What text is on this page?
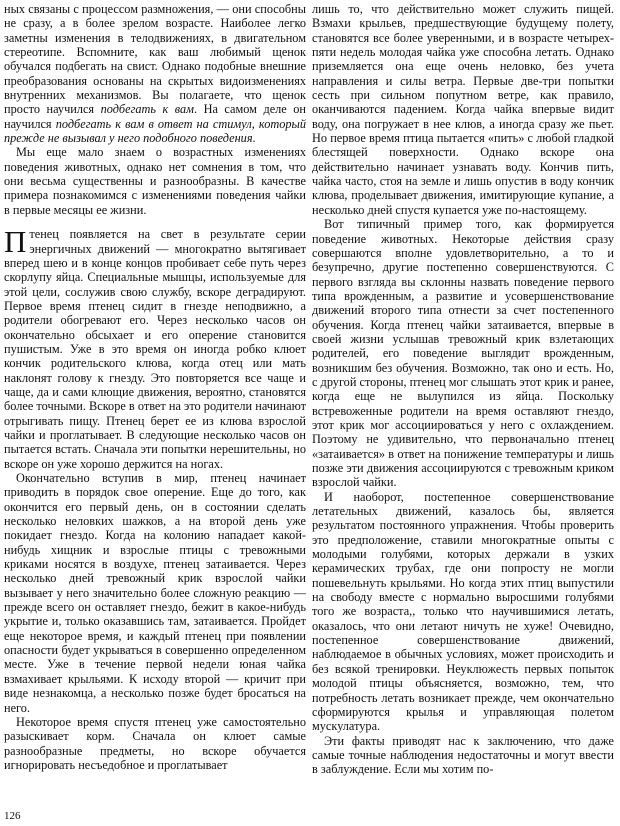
ных связаны с процессом размножения, — они способны не сразу, а в более зрелом возрасте. Наиболее легко заметны изменения в телодвижениях, в двигательном стереотипе. Вспомните, как ваш любимый щенок обучался подбегать на свист. Однако подобные внешние преобразования основаны на скрытых видоизменениях внутренних механизмов. Вы полагаете, что щенок просто научился подбегать к вам. На самом деле он научился подбегать к вам в ответ на стимул, который прежде не вызывал у него подобного поведения.

Мы еще мало знаем о возрастных изменениях поведения животных, однако нет сомнения в том, что они весьма существенны и разнообразны. В качестве примера познакомимся с изменениями поведения чайки в первые месяцы ее жизни.

Птенец появляется на свет в результате серии энергичных движений — многократно вытягивает вперед шею и в конце концов пробивает себе путь через скорлупу яйца. Специальные мышцы, используемые для этой цели, сослужив свою службу, вскоре деградируют. Первое время птенец сидит в гнезде неподвижно, а родители обогревают его. Через несколько часов он окончательно обсыхает и его оперение становится пушистым. Уже в это время он иногда робко клюет кончик родительского клюва, когда отец или мать наклонят голову к гнезду. Это повторяется все чаще и чаще, да и сами клющие движения, вероятно, становятся более точными. Вскоре в ответ на это родители начинают отрыгивать пищу. Птенец берет ее из клюва взрослой чайки и проглатывает. В следующие несколько часов он пытается встать. Сначала эти попытки нерешительны, но вскоре он уже хорошо держится на ногах.

Окончательно вступив в мир, птенец начинает приводить в порядок свое оперение. Еще до того, как окончится его первый день, он в состоянии сделать несколько неловких шажков, а на второй день уже покидает гнездо. Когда на колонию нападает какой-нибудь хищник и взрослые птицы с тревожными криками носятся в воздухе, птенец затаивается. Через несколько дней тревожный крик взрослой чайки вызывает у него значительно более сложную реакцию — прежде всего он оставляет гнездо, бежит в какое-нибудь укрытие и, только оказавшись там, затаивается. Пройдет еще некоторое время, и каждый птенец при появлении опасности будет укрываться в совершенно определенном месте. Уже в течение первой недели юная чайка взмахивает крыльями. К исходу второй — кричит при виде незнакомца, а несколько позже будет бросаться на него.

Некоторое время спустя птенец уже самостоятельно разыскивает корм. Сначала он клюет самые разнообразные предметы, но вскоре обучается игнорировать несъедобное и проглатывает

лишь то, что действительно может служить пищей. Взмахи крыльев, предшествующие будущему полету, становятся все более уверенными, и в возрасте четырех-пяти недель молодая чайка уже способна летать. Однако приземляется она еще очень неловко, без учета направления и силы ветра. Первые две-три попытки сесть при сильном попутном ветре, как правило, оканчиваются падением. Когда чайка впервые видит воду, она погружает в нее клюв, а иногда сразу же пьет. Но первое время птица пытается «пить» с любой гладкой блестящей поверхности. Однако вскоре она действительно начинает узнавать воду. Кончив пить, чайка часто, стоя на земле и лишь опустив в воду кончик клюва, проделывает движения, имитирующие купание, а несколько дней спустя купается уже по-настоящему.

Вот типичный пример того, как формируется поведение животных. Некоторые действия сразу совершаются вполне удовлетворительно, а то и безупречно, другие постепенно совершенствуются. С первого взгляда вы склонны назвать поведение первого типа врожденным, а развитие и усовершенствование движений второго типа отнести за счет постепенного обучения. Когда птенец чайки затаивается, впервые в своей жизни услышав тревожный крик взлетающих родителей, его поведение выглядит врожденным, возникшим без обучения. Возможно, так оно и есть. Но, с другой стороны, птенец мог слышать этот крик и ранее, когда еще не вылупился из яйца. Поскольку встревоженные родители на время оставляют гнездо, этот крик мог ассоциироваться у него с охлаждением. Поэтому не удивительно, что первоначально птенец «затаивается» в ответ на понижение температуры и лишь позже эти движения ассоциируются с тревожным криком взрослой чайки.

И наоборот, постепенное совершенствование летательных движений, казалось бы, является результатом постоянного упражнения. Чтобы проверить это предположение, ставили многократные опыты с молодыми голубями, которых держали в узких керамических трубах, где они попросту не могли пошевельнуть крыльями. Но когда этих птиц выпустили на свободу вместе с нормально выросшими голубями того же возраста,, только что научившимися летать, оказалось, что они летают ничуть не хуже! Очевидно, постепенное совершенствование движений, наблюдаемое в обычных условиях, может происходить и без всякой тренировки. Неуклюжесть первых попыток молодой птицы объясняется, возможно, тем, что потребность летать возникает прежде, чем окончательно сформируются крылья и управляющая полетом мускулатура.

Эти факты приводят нас к заключению, что даже самые точные наблюдения недостаточны и могут ввести в заблуждение. Если мы хотим по-

126
